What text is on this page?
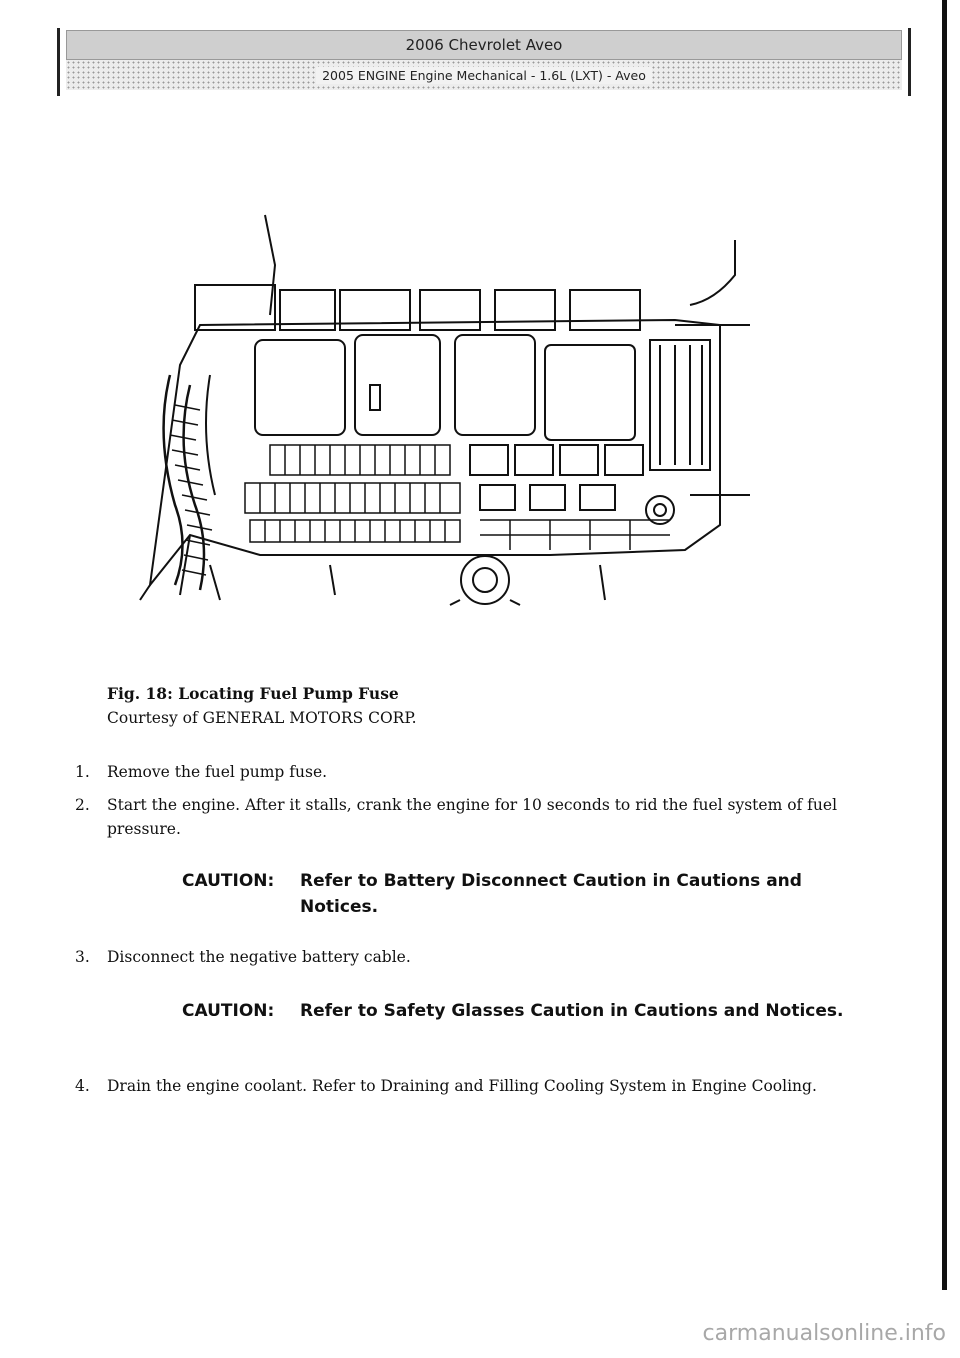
2006 Chevrolet Aveo
2005 ENGINE Engine Mechanical - 1.6L (LXT) - Aveo
Fig. 18: Locating Fuel Pump Fuse
Courtesy of GENERAL MOTORS CORP.
1.	Remove the fuel pump fuse.
2.	Start the engine. After it stalls, crank the engine for 10 seconds to rid the fuel system of fuel pressure.
CAUTION: Refer to Battery Disconnect Caution in Cautions and Notices.
3.	Disconnect the negative battery cable.
CAUTION: Refer to Safety Glasses Caution in Cautions and Notices.
4.	Drain the engine coolant. Refer to Draining and Filling Cooling System in Engine Cooling.
carmanualsonline.info
